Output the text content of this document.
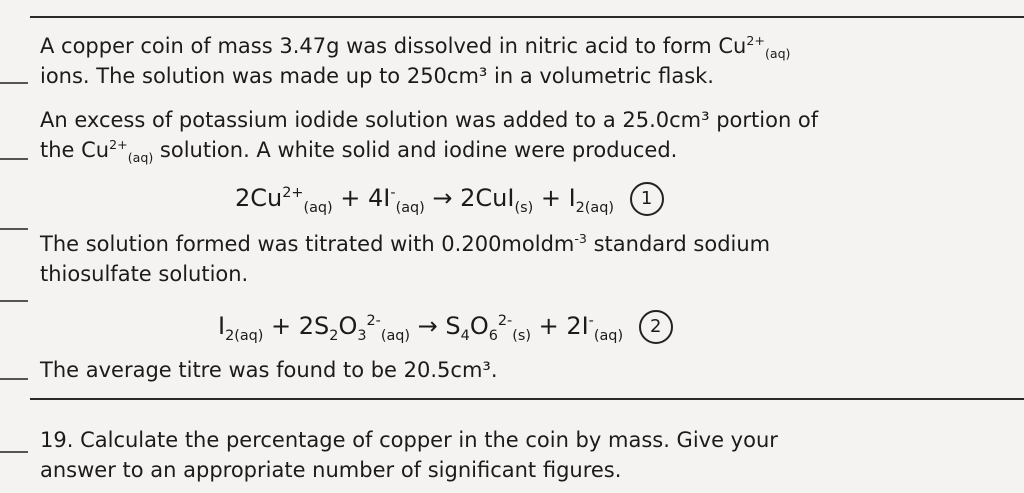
A copper coin of mass 3.47g was dissolved in nitric acid to form $Cu^{2+}_{(aq)}$
ions. The solution was made up to 250cm³ in a volumetric flask.
An excess of potassium iodide solution was added to a 25.0cm³ portion of
the $Cu^{2+}_{(aq)}$ solution. A white solid and iodine were produced.
$2Cu^{2+}_{(aq)} + 4I^-_{(aq)} \to 2CuI_{(s)} + I_{2(aq)}$ 1
The solution formed was titrated with 0.200moldm$^{-3}$ standard sodium
thiosulfate solution.
$I_{2(aq)} + 2S_2O_3^{2-}_{(aq)} \to S_4O_6^{2-}_{(s)} + 2I^-_{(aq)}$ 2
The average titre was found to be 20.5cm³.
19. Calculate the percentage of copper in the coin by mass. Give your
answer to an appropriate number of significant figures.
